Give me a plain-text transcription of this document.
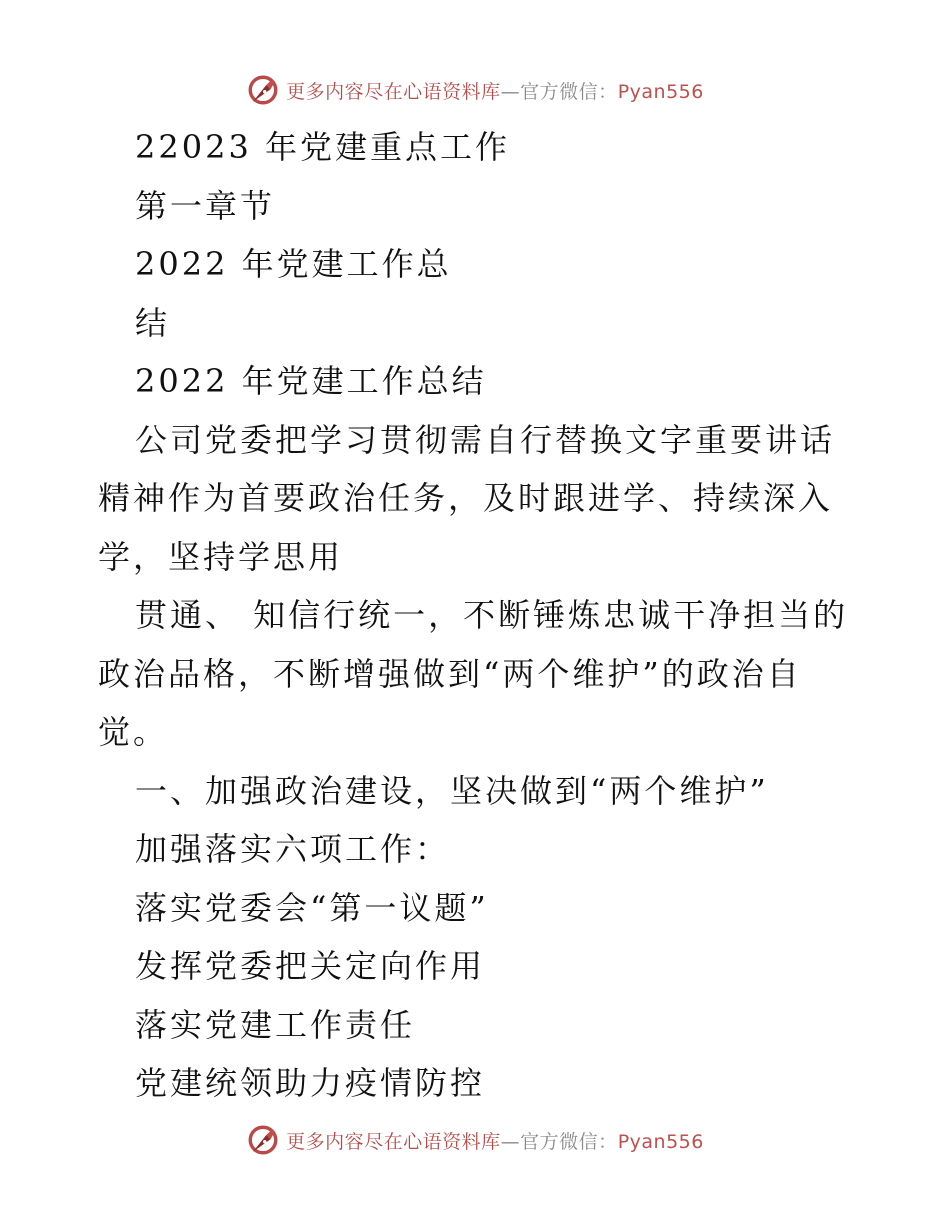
更多内容尽在心语资料库—官方微信：Pyan556

22023 年党建重点工作

第一章节

2022 年党建工作总

结

2022 年党建工作总结

公司党委把学习贯彻需自行替换文字重要讲话精神作为首要政治任务，及时跟进学、持续深入学，坚持学思用

贯通、 知信行统一，不断锤炼忠诚干净担当的政治品格，不断增强做到“两个维护”的政治自觉。

一、加强政治建设，坚决做到“两个维护”

加强落实六项工作：

落实党委会“第一议题”

发挥党委把关定向作用

落实党建工作责任

党建统领助力疫情防控

更多内容尽在心语资料库—官方微信：Pyan556
